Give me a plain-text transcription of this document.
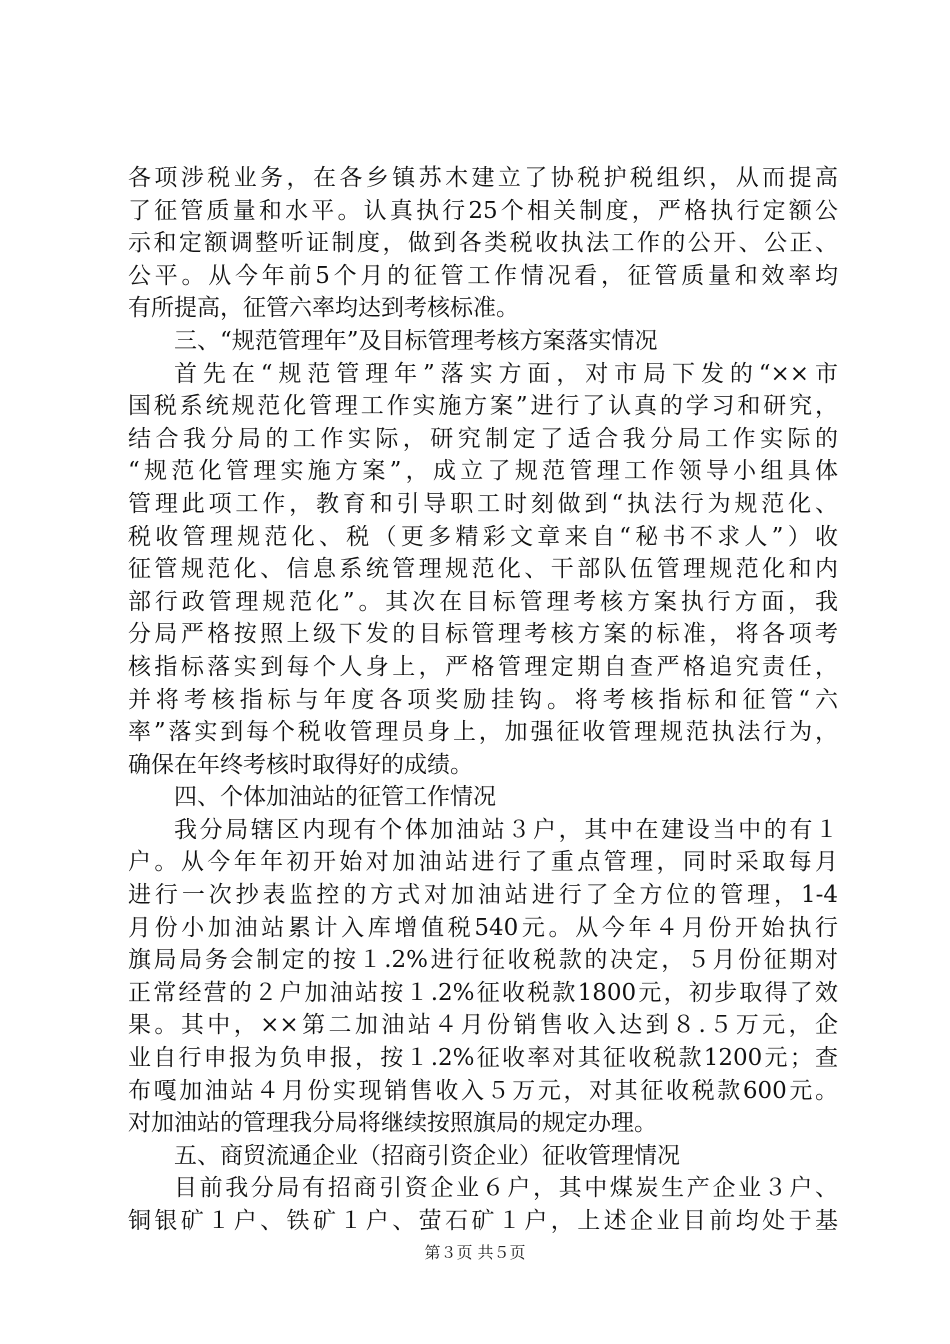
各项涉税业务，在各乡镇苏木建立了协税护税组织，从而提高
了征管质量和水平。认真执行25个相关制度，严格执行定额公
示和定额调整听证制度，做到各类税收执法工作的公开、公正、
公平。从今年前5个月的征管工作情况看，征管质量和效率均
有所提高，征管六率均达到考核标准。
三、“规范管理年”及目标管理考核方案落实情况
首先在“规范管理年”落实方面，对市局下发的“××市
国税系统规范化管理工作实施方案”进行了认真的学习和研究，
结合我分局的工作实际，研究制定了适合我分局工作实际的
“规范化管理实施方案”，成立了规范管理工作领导小组具体
管理此项工作，教育和引导职工时刻做到“执法行为规范化、
税收管理规范化、税（更多精彩文章来自“秘书不求人”）收
征管规范化、信息系统管理规范化、干部队伍管理规范化和内
部行政管理规范化”。其次在目标管理考核方案执行方面，我
分局严格按照上级下发的目标管理考核方案的标准，将各项考
核指标落实到每个人身上，严格管理定期自查严格追究责任，
并将考核指标与年度各项奖励挂钩。将考核指标和征管“六
率”落实到每个税收管理员身上，加强征收管理规范执法行为，
确保在年终考核时取得好的成绩。
四、个体加油站的征管工作情况
我分局辖区内现有个体加油站３户，其中在建设当中的有１
户。从今年年初开始对加油站进行了重点管理，同时采取每月
进行一次抄表监控的方式对加油站进行了全方位的管理，1-4
月份小加油站累计入库增值税540元。从今年４月份开始执行
旗局局务会制定的按１.2%进行征收税款的决定，５月份征期对
正常经营的２户加油站按１.2%征收税款1800元，初步取得了效
果。其中，××第二加油站４月份销售收入达到８.５万元，企
业自行申报为负申报，按１.2%征收率对其征收税款1200元；查
布嘎加油站４月份实现销售收入５万元，对其征收税款600元。
对加油站的管理我分局将继续按照旗局的规定办理。
五、商贸流通企业（招商引资企业）征收管理情况
目前我分局有招商引资企业６户，其中煤炭生产企业３户、
铜银矿１户、铁矿１户、萤石矿１户，上述企业目前均处于基
第３页 共５页
